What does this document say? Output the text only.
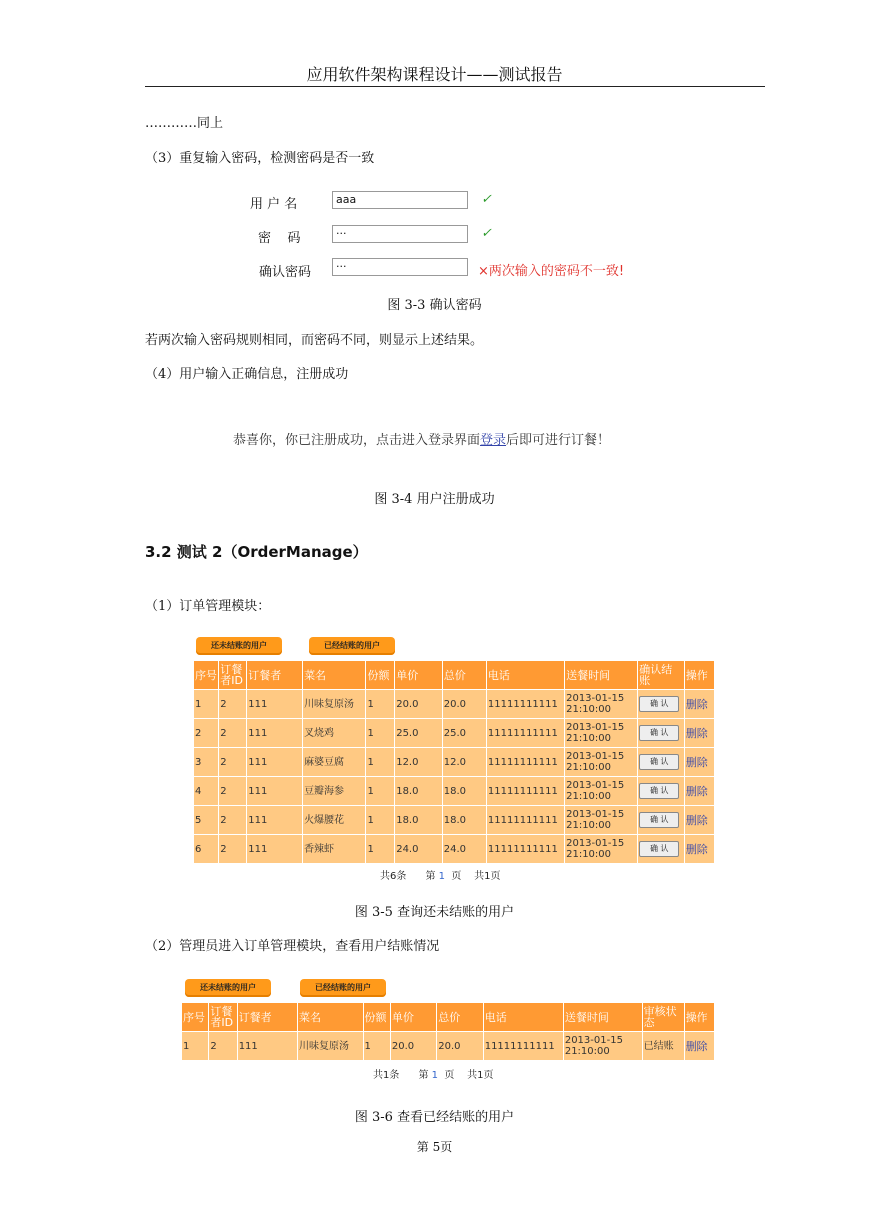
应用软件架构课程设计——测试报告
…………同上
（3）重复输入密码，检测密码是否一致
用 户 名	aaa	✓
密    码	···	✓
确认密码	···	×两次输入的密码不一致!
图 3-3 确认密码
若两次输入密码规则相同，而密码不同，则显示上述结果。
（4）用户输入正确信息，注册成功
恭喜你，你已注册成功，点击进入登录界面登录后即可进行订餐！
图 3-4 用户注册成功
3.2 测试 2（OrderManage）
（1）订单管理模块：
还未结账的用户	已经结账的用户
序号	订餐者ID	订餐者	菜名	份额	单价	总价	电话	送餐时间	确认结账	操作
1	2	111	川味复原汤	1	20.0	20.0	11111111111	2013-01-15
21:10:00	确 认	删除
2	2	111	叉烧鸡	1	25.0	25.0	11111111111	2013-01-15
21:10:00	确 认	删除
3	2	111	麻婆豆腐	1	12.0	12.0	11111111111	2013-01-15
21:10:00	确 认	删除
4	2	111	豆瓣海参	1	18.0	18.0	11111111111	2013-01-15
21:10:00	确 认	删除
5	2	111	火爆腰花	1	18.0	18.0	11111111111	2013-01-15
21:10:00	确 认	删除
6	2	111	香辣虾	1	24.0	24.0	11111111111	2013-01-15
21:10:00	确 认	删除
共6条 第 1 页 共1页
图 3-5 查询还未结账的用户
（2）管理员进入订单管理模块，查看用户结账情况
还未结账的用户	已经结账的用户
序号	订餐者ID	订餐者	菜名	份额	单价	总价	电话	送餐时间	审核状态	操作
1	2	111	川味复原汤	1	20.0	20.0	11111111111	2013-01-15
21:10:00	已结账	删除
共1条 第 1 页 共1页
图 3-6 查看已经结账的用户
第 5页
